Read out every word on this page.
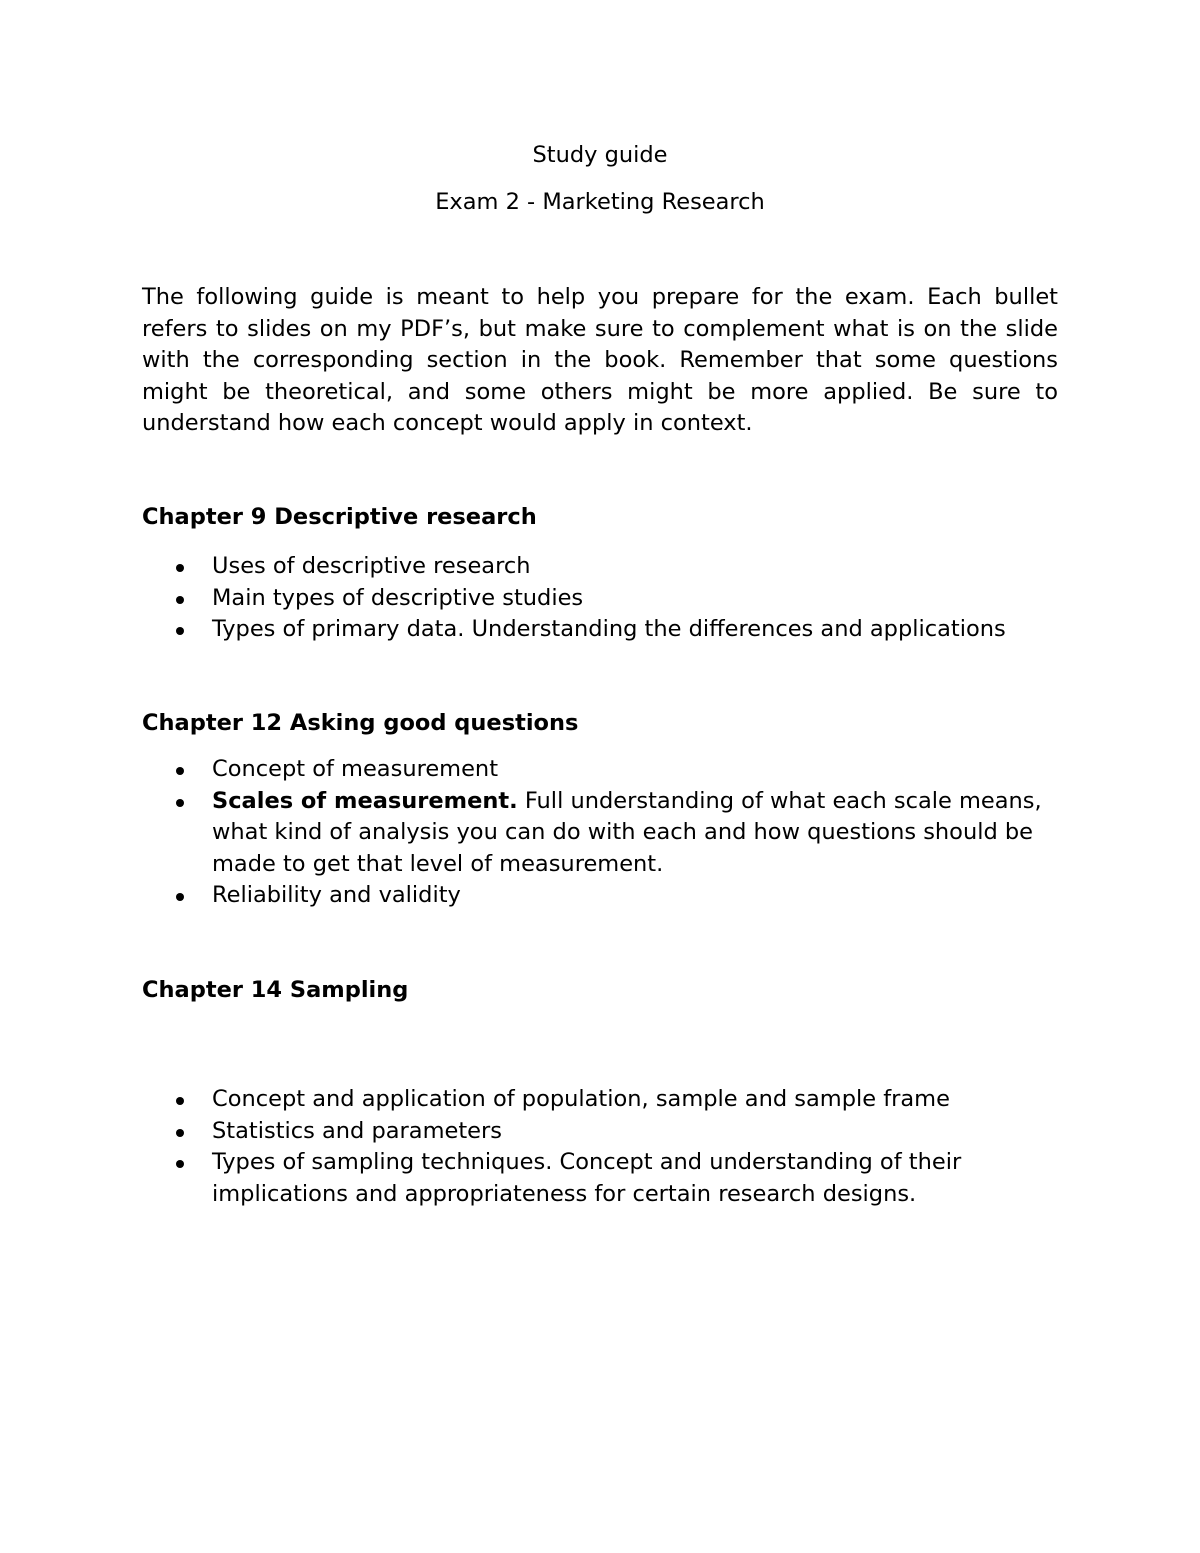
Study guide
Exam 2 - Marketing Research

The following guide is meant to help you prepare for the exam. Each bullet refers to slides on my PDF’s, but make sure to complement what is on the slide with the corresponding section in the book. Remember that some questions might be theoretical, and some others might be more applied. Be sure to understand how each concept would apply in context.

Chapter 9 Descriptive research
Uses of descriptive research
Main types of descriptive studies
Types of primary data. Understanding the differences and applications
Chapter 12 Asking good questions
Concept of measurement
Scales of measurement. Full understanding of what each scale means, what kind of analysis you can do with each and how questions should be made to get that level of measurement.
Reliability and validity
Chapter 14 Sampling
Concept and application of population, sample and sample frame
Statistics and parameters
Types of sampling techniques. Concept and understanding of their implications and appropriateness for certain research designs.
